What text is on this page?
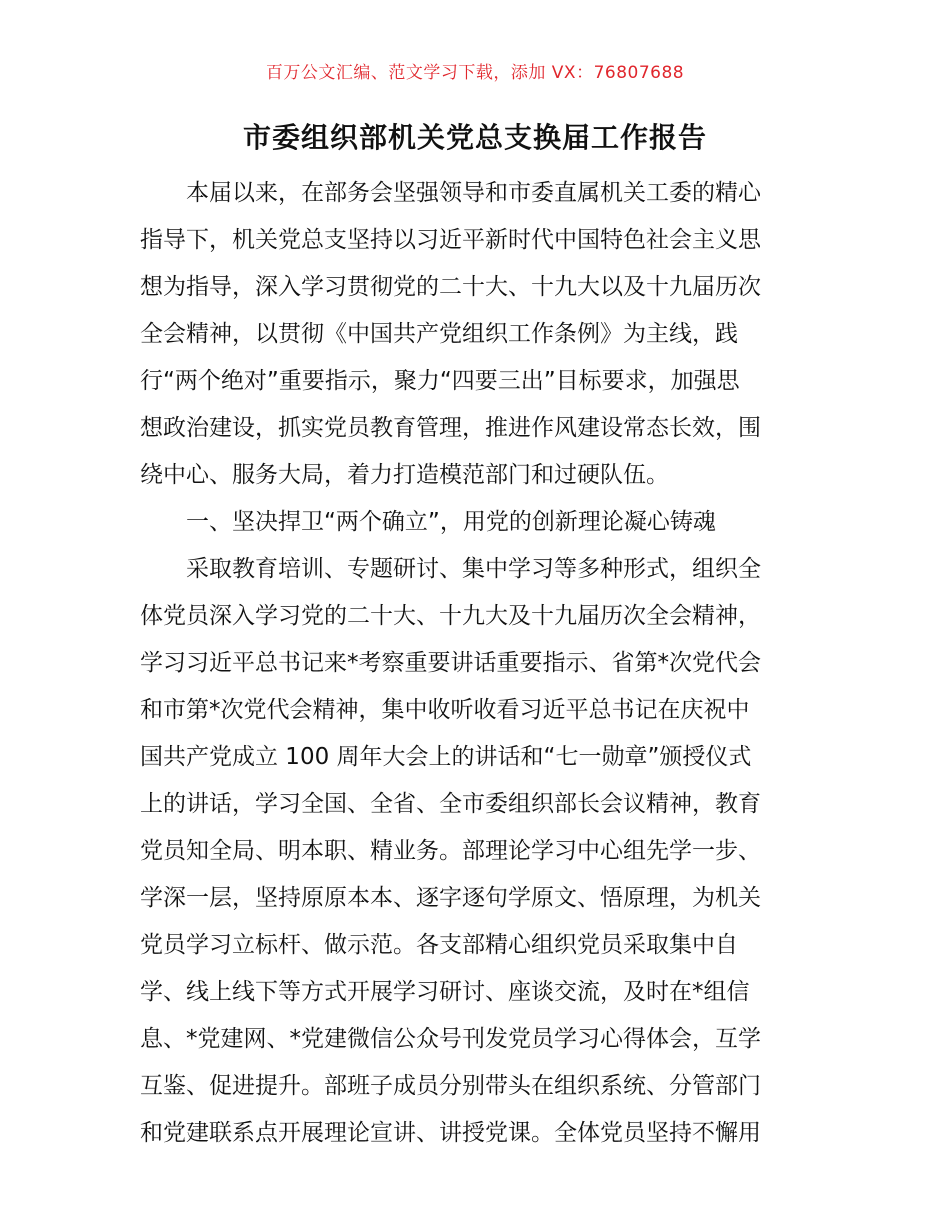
百万公文汇编、范文学习下载，添加 VX：76807688
市委组织部机关党总支换届工作报告
本届以来，在部务会坚强领导和市委直属机关工委的精心
指导下，机关党总支坚持以习近平新时代中国特色社会主义思
想为指导，深入学习贯彻党的二十大、十九大以及十九届历次
全会精神，以贯彻《中国共产党组织工作条例》为主线，践
行“两个绝对”重要指示，聚力“四要三出”目标要求，加强思
想政治建设，抓实党员教育管理，推进作风建设常态长效，围
绕中心、服务大局，着力打造模范部门和过硬队伍。
一、坚决捍卫“两个确立”，用党的创新理论凝心铸魂
采取教育培训、专题研讨、集中学习等多种形式，组织全
体党员深入学习党的二十大、十九大及十九届历次全会精神，
学习习近平总书记来*考察重要讲话重要指示、省第*次党代会
和市第*次党代会精神，集中收听收看习近平总书记在庆祝中
国共产党成立 100 周年大会上的讲话和“七一勋章”颁授仪式
上的讲话，学习全国、全省、全市委组织部长会议精神，教育
党员知全局、明本职、精业务。部理论学习中心组先学一步、
学深一层，坚持原原本本、逐字逐句学原文、悟原理，为机关
党员学习立标杆、做示范。各支部精心组织党员采取集中自
学、线上线下等方式开展学习研讨、座谈交流，及时在*组信
息、*党建网、*党建微信公众号刊发党员学习心得体会，互学
互鉴、促进提升。部班子成员分别带头在组织系统、分管部门
和党建联系点开展理论宣讲、讲授党课。全体党员坚持不懈用
